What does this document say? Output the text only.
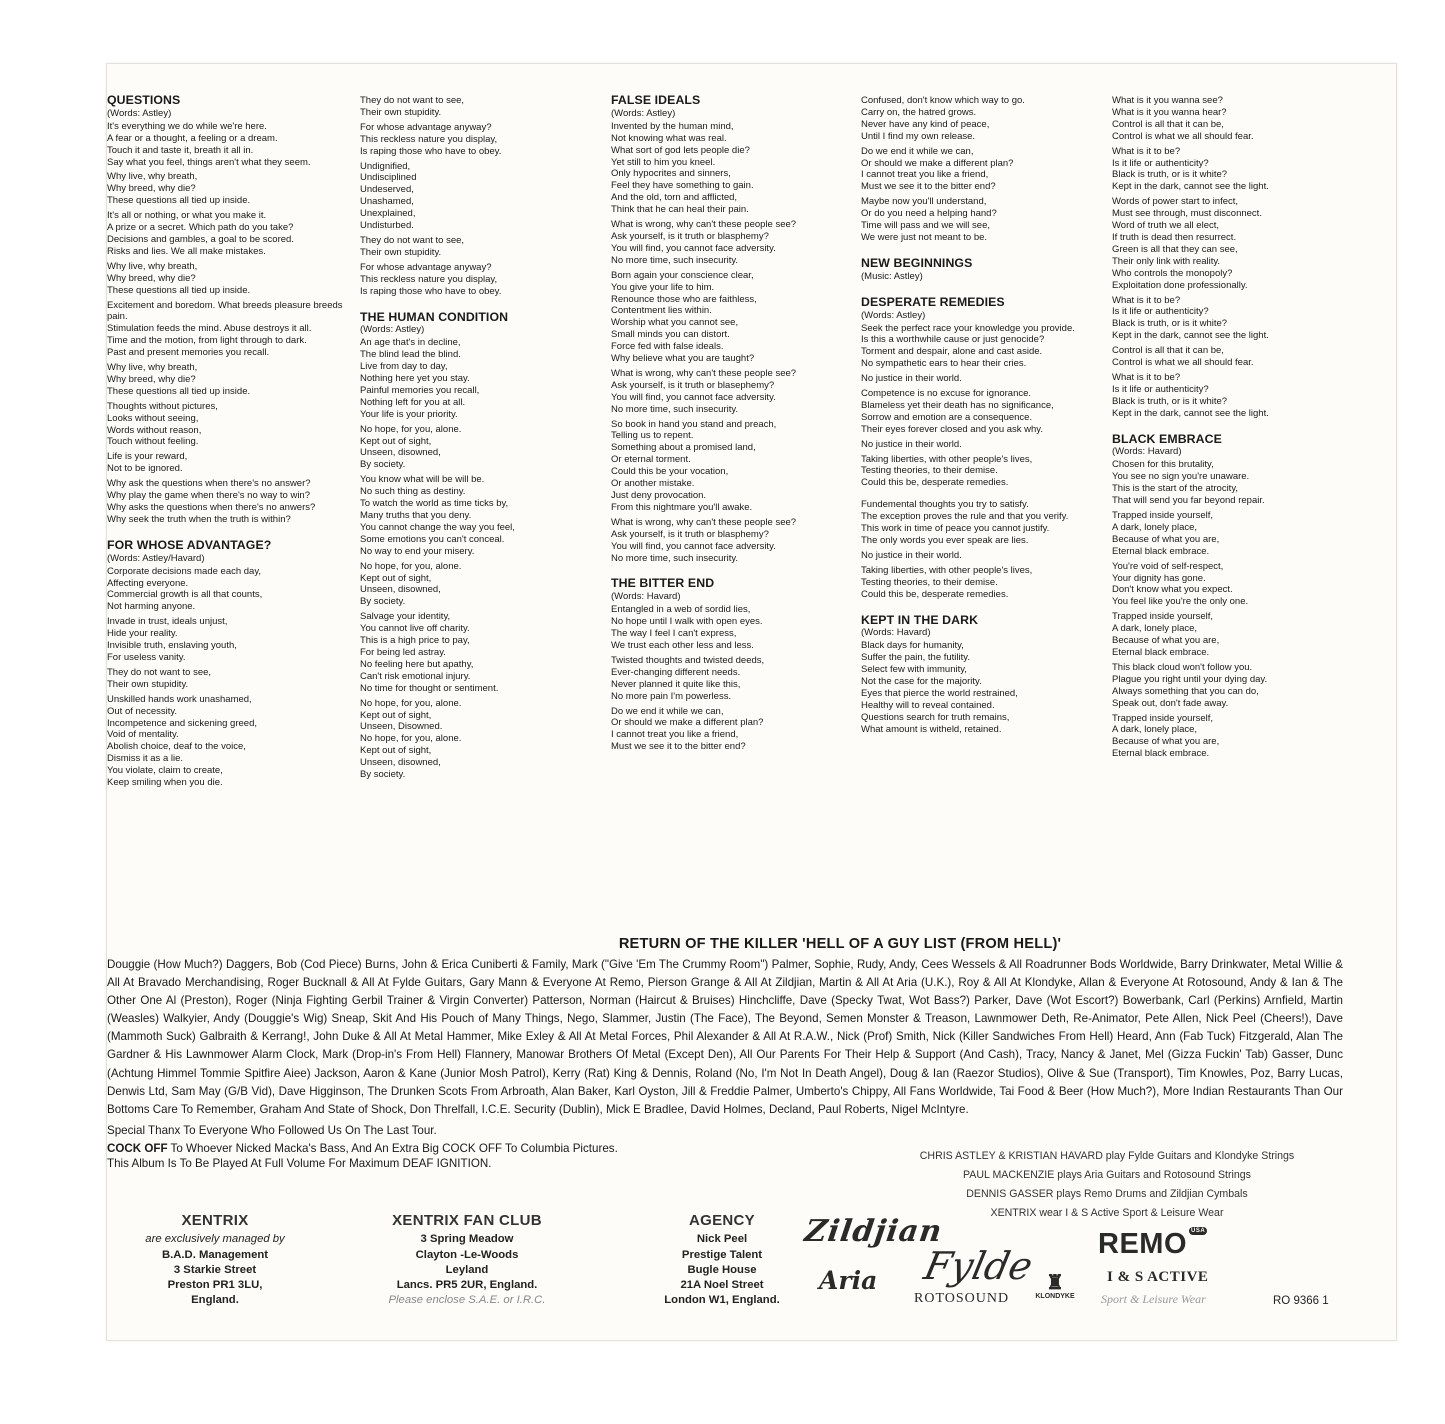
QUESTIONS
(Words: Astley)

It's everything we do while we're here.
A fear or a thought, a feeling or a dream.
Touch it and taste it, breath it all in.
Say what you feel, things aren't what they seem.

Why live, why breath,
Why breed, why die?
These questions all tied up inside.

It's all or nothing, or what you make it.
A prize or a secret. Which path do you take?
Decisions and gambles, a goal to be scored.
Risks and lies. We all make mistakes.

Why live, why breath,
Why breed, why die?
These questions all tied up inside.

Excitement and boredom. What breeds pleasure breeds pain.
Stimulation feeds the mind. Abuse destroys it all.
Time and the motion, from light through to dark.
Past and present memories you recall.

Why live, why breath,
Why breed, why die?
These questions all tied up inside.

Thoughts without pictures,
Looks without seeing,
Words without reason,
Touch without feeling.

Life is your reward,
Not to be ignored.

Why ask the questions when there's no answer?
Why play the game when there's no way to win?
Why asks the questions when there's no anwers?
Why seek the truth when the truth is within?

FOR WHOSE ADVANTAGE?
(Words: Astley/Havard)

Corporate decisions made each day,
Affecting everyone.
Commercial growth is all that counts,
Not harming anyone.

Invade in trust, ideals unjust,
Hide your reality.
Invisible truth, enslaving youth,
For useless vanity.

They do not want to see,
Their own stupidity.

Unskilled hands work unashamed,
Out of necessity.
Incompetence and sickening greed,
Void of mentality.
Abolish choice, deaf to the voice,
Dismiss it as a lie.
You violate, claim to create,
Keep smiling when you die.

They do not want to see,
Their own stupidity.

For whose advantage anyway?
This reckless nature you display,
Is raping those who have to obey.

Undignified,
Undisciplined
Undeserved,
Unashamed,
Unexplained,
Undisturbed.

They do not want to see,
Their own stupidity.

For whose advantage anyway?
This reckless nature you display,
Is raping those who have to obey.

THE HUMAN CONDITION
(Words: Astley)

An age that's in decline,
The blind lead the blind.
Live from day to day,
Nothing here yet you stay.
Painful memories you recall,
Nothing left for you at all.
Your life is your priority.

No hope, for you, alone.
Kept out of sight,
Unseen, disowned,
By society.

You know what will be will be.
No such thing as destiny.
To watch the world as time ticks by,
Many truths that you deny.
You cannot change the way you feel,
Some emotions you can't conceal.
No way to end your misery.

No hope, for you, alone.
Kept out of sight,
Unseen, disowned,
By society.

Salvage your identity,
You cannot live off charity.
This is a high price to pay,
For being led astray.
No feeling here but apathy,
Can't risk emotional injury.
No time for thought or sentiment.

No hope, for you, alone.
Kept out of sight,
Unseen, Disowned.
No hope, for you, alone.
Kept out of sight,
Unseen, disowned,
By society.

FALSE IDEALS
(Words: Astley)

Invented by the human mind,
Not knowing what was real.
What sort of god lets people die?
Yet still to him you kneel.
Only hypocrites and sinners,
Feel they have something to gain.
And the old, torn and afflicted,
Think that he can heal their pain.

What is wrong, why can't these people see?
Ask yourself, is it truth or blasphemy?
You will find, you cannot face adversity.
No more time, such insecurity.

Born again your conscience clear,
You give your life to him.
Renounce those who are faithless,
Contentment lies within.
Worship what you cannot see,
Small minds you can distort.
Force fed with false ideals.
Why believe what you are taught?

What is wrong, why can't these people see?
Ask yourself, is it truth or blasephemy?
You will find, you cannot face adversity.
No more time, such insecurity.

So book in hand you stand and preach,
Telling us to repent.
Something about a promised land,
Or eternal torment.
Could this be your vocation,
Or another mistake.
Just deny provocation.
From this nightmare you'll awake.

What is wrong, why can't these people see?
Ask yourself, is it truth or blasphemy?
You will find, you cannot face adversity.
No more time, such insecurity.

THE BITTER END
(Words: Havard)

Entangled in a web of sordid lies,
No hope until I walk with open eyes.
The way I feel I can't express,
We trust each other less and less.

Twisted thoughts and twisted deeds,
Ever-changing different needs.
Never planned it quite like this,
No more pain I'm powerless.

Do we end it while we can,
Or should we make a different plan?
I cannot treat you like a friend,
Must we see it to the bitter end?

Confused, don't know which way to go.
Carry on, the hatred grows.
Never have any kind of peace,
Until I find my own release.

Do we end it while we can,
Or should we make a different plan?
I cannot treat you like a friend,
Must we see it to the bitter end?

Maybe now you'll understand,
Or do you need a helping hand?
Time will pass and we will see,
We were just not meant to be.

NEW BEGINNINGS
(Music: Astley)
DESPERATE REMEDIES
(Words: Astley)

Seek the perfect race your knowledge you provide.
Is this a worthwhile cause or just genocide?
Torment and despair, alone and cast aside.
No sympathetic ears to hear their cries.

No justice in their world.

Competence is no excuse for ignorance.
Blameless yet their death has no significance,
Sorrow and emotion are a consequence.
Their eyes forever closed and you ask why.

No justice in their world.

Taking liberties, with other people's lives,
Testing theories, to their demise.
Could this be, desperate remedies.

Fundemental thoughts you try to satisfy.
The exception proves the rule and that you verify.
This work in time of peace you cannot justify.
The only words you ever speak are lies.

No justice in their world.

Taking liberties, with other people's lives,
Testing theories, to their demise.
Could this be, desperate remedies.

KEPT IN THE DARK
(Words: Havard)

Black days for humanity,
Suffer the pain, the futility.
Select few with immunity,
Not the case for the majority.
Eyes that pierce the world restrained,
Healthy will to reveal contained.
Questions search for truth remains,
What amount is witheld, retained.

What is it you wanna see?
What is it you wanna hear?
Control is all that it can be,
Control is what we all should fear.

What is it to be?
Is it life or authenticity?
Black is truth, or is it white?
Kept in the dark, cannot see the light.

Words of power start to infect,
Must see through, must disconnect.
Word of truth we all elect,
If truth is dead then resurrect.
Green is all that they can see,
Their only link with reality.
Who controls the monopoly?
Exploitation done professionally.

What is it to be?
Is it life or authenticity?
Black is truth, or is it white?
Kept in the dark, cannot see the light.

Control is all that it can be,
Control is what we all should fear.

What is it to be?
Is it life or authenticity?
Black is truth, or is it white?
Kept in the dark, cannot see the light.

BLACK EMBRACE
(Words: Havard)

Chosen for this brutality,
You see no sign you're unaware.
This is the start of the atrocity,
That will send you far beyond repair.

Trapped inside yourself,
A dark, lonely place,
Because of what you are,
Eternal black embrace.

You're void of self-respect,
Your dignity has gone.
Don't know what you expect.
You feel like you're the only one.

Trapped inside yourself,
A dark, lonely place,
Because of what you are,
Eternal black embrace.

This black cloud won't follow you.
Plague you right until your dying day.
Always something that you can do,
Speak out, don't fade away.

Trapped inside yourself,
A dark, lonely place,
Because of what you are,
Eternal black embrace.

RETURN OF THE KILLER 'HELL OF A GUY LIST (FROM HELL)'
Douggie (How Much?) Daggers, Bob (Cod Piece) Burns, John & Erica Cuniberti & Family, Mark ("Give 'Em The Crummy Room") Palmer, Sophie, Rudy, Andy, Cees Wessels & All Roadrunner Bods Worldwide, Barry Drinkwater, Metal Willie & All At Bravado Merchandising, Roger Bucknall & All At Fylde Guitars, Gary Mann & Everyone At Remo, Pierson Grange & All At Zildjian, Martin & All At Aria (U.K.), Roy & All At Klondyke, Allan & Everyone At Rotosound, Andy & Ian & The Other One Al (Preston), Roger (Ninja Fighting Gerbil Trainer & Virgin Converter) Patterson, Norman (Haircut & Bruises) Hinchcliffe, Dave (Specky Twat, Wot Bass?) Parker, Dave (Wot Escort?) Bowerbank, Carl (Perkins) Arnfield, Martin (Weasles) Walkyier, Andy (Douggie's Wig) Sneap, Skit And His Pouch of Many Things, Nego, Slammer, Justin (The Face), The Beyond, Semen Monster & Treason, Lawnmower Deth, Re-Animator, Pete Allen, Nick Peel (Cheers!), Dave (Mammoth Suck) Galbraith & Kerrang!, John Duke & All At Metal Hammer, Mike Exley & All At Metal Forces, Phil Alexander & All At R.A.W., Nick (Prof) Smith, Nick (Killer Sandwiches From Hell) Heard, Ann (Fab Tuck) Fitzgerald, Alan The Gardner & His Lawnmower Alarm Clock, Mark (Drop-in's From Hell) Flannery, Manowar Brothers Of Metal (Except Den), All Our Parents For Their Help & Support (And Cash), Tracy, Nancy & Janet, Mel (Gizza Fuckin' Tab) Gasser, Dunc (Achtung Himmel Tommie Spitfire Aiee) Jackson, Aaron & Kane (Junior Mosh Patrol), Kerry (Rat) King & Dennis, Roland (No, I'm Not In Death Angel), Doug & Ian (Raezor Studios), Olive & Sue (Transport), Tim Knowles, Poz, Barry Lucas, Denwis Ltd, Sam May (G/B Vid), Dave Higginson, The Drunken Scots From Arbroath, Alan Baker, Karl Oyston, Jill & Freddie Palmer, Umberto's Chippy, All Fans Worldwide, Tai Food & Beer (How Much?), More Indian Restaurants Than Our Bottoms Care To Remember, Graham And State of Shock, Don Threlfall, I.C.E. Security (Dublin), Mick E Bradlee, David Holmes, Decland, Paul Roberts, Nigel McIntyre.
Special Thanx To Everyone Who Followed Us On The Last Tour.
COCK OFF To Whoever Nicked Macka's Bass, And An Extra Big COCK OFF To Columbia Pictures.
This Album Is To Be Played At Full Volume For Maximum DEAF IGNITION.
CHRIS ASTLEY & KRISTIAN HAVARD play Fylde Guitars and Klondyke Strings
PAUL MACKENZIE plays Aria Guitars and Rotosound Strings
DENNIS GASSER plays Remo Drums and Zildjian Cymbals
XENTRIX wear I & S Active Sport & Leisure Wear
XENTRIX
are exclusively managed by
B.A.D. Management
3 Starkie Street
Preston PR1 3LU,
England.
XENTRIX FAN CLUB
3 Spring Meadow
Clayton -Le-Woods
Leyland
Lancs. PR5 2UR, England.
Please enclose S.A.E. or I.R.C.
AGENCY
Nick Peel
Prestige Talent
Bugle House
21A Noel Street
London W1, England.
Zildjian
Aria Fylde
ROTOSOUND
♜
KLONDYKE
REMO $^{USA}$
I & S ACTIVE
Sport & Leisure Wear	RO 9366 1
